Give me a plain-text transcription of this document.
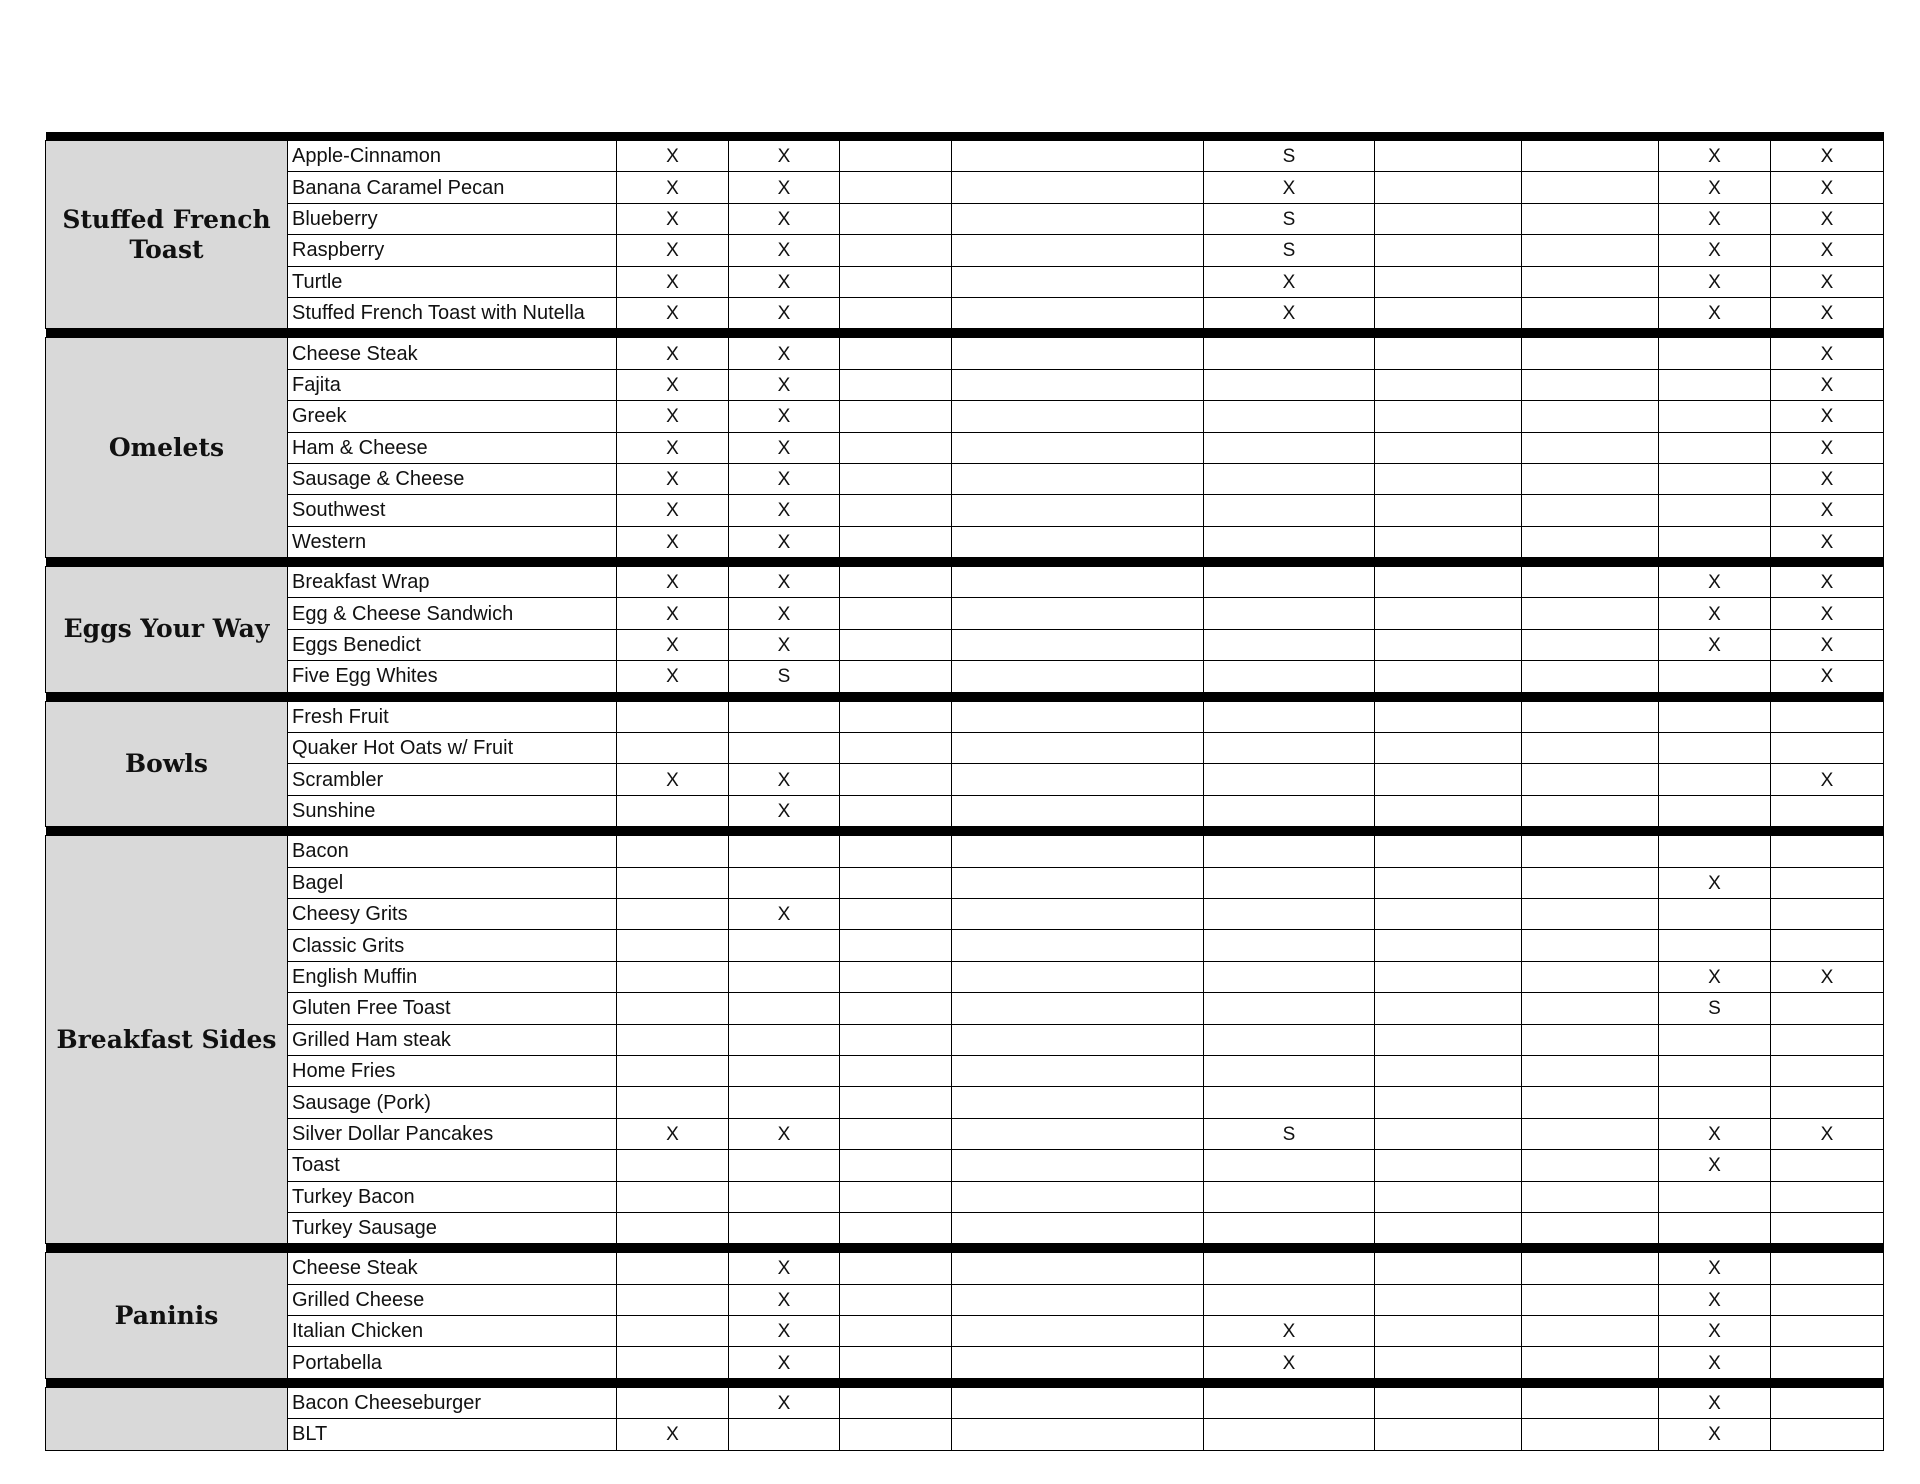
Stuffed French Toast	Apple-Cinnamon	X	X			S			X	X
	Banana Caramel Pecan	X	X			X			X	X
	Blueberry	X	X			S			X	X
	Raspberry	X	X			S			X	X
	Turtle	X	X			X			X	X
	Stuffed French Toast with Nutella	X	X			X			X	X

Omelets	Cheese Steak	X	X							X
	Fajita	X	X							X
	Greek	X	X							X
	Ham & Cheese	X	X							X
	Sausage & Cheese	X	X							X
	Southwest	X	X							X
	Western	X	X							X

Eggs Your Way	Breakfast Wrap	X	X						X	X
	Egg & Cheese Sandwich	X	X						X	X
	Eggs Benedict	X	X						X	X
	Five Egg Whites	X	S							X

Bowls	Fresh Fruit									
	Quaker Hot Oats w/ Fruit									
	Scrambler	X	X							X
	Sunshine		X							

Breakfast Sides	Bacon									
	Bagel								X	
	Cheesy Grits		X							
	Classic Grits									
	English Muffin								X	X
	Gluten Free Toast								S	
	Grilled Ham steak									
	Home Fries									
	Sausage (Pork)									
	Silver Dollar Pancakes	X	X			S			X	X
	Toast								X	
	Turkey Bacon									
	Turkey Sausage									

Paninis	Cheese Steak		X						X	
	Grilled Cheese		X						X	
	Italian Chicken		X			X			X	
	Portabella		X			X			X	

	Bacon Cheeseburger		X						X	
	BLT	X							X	
